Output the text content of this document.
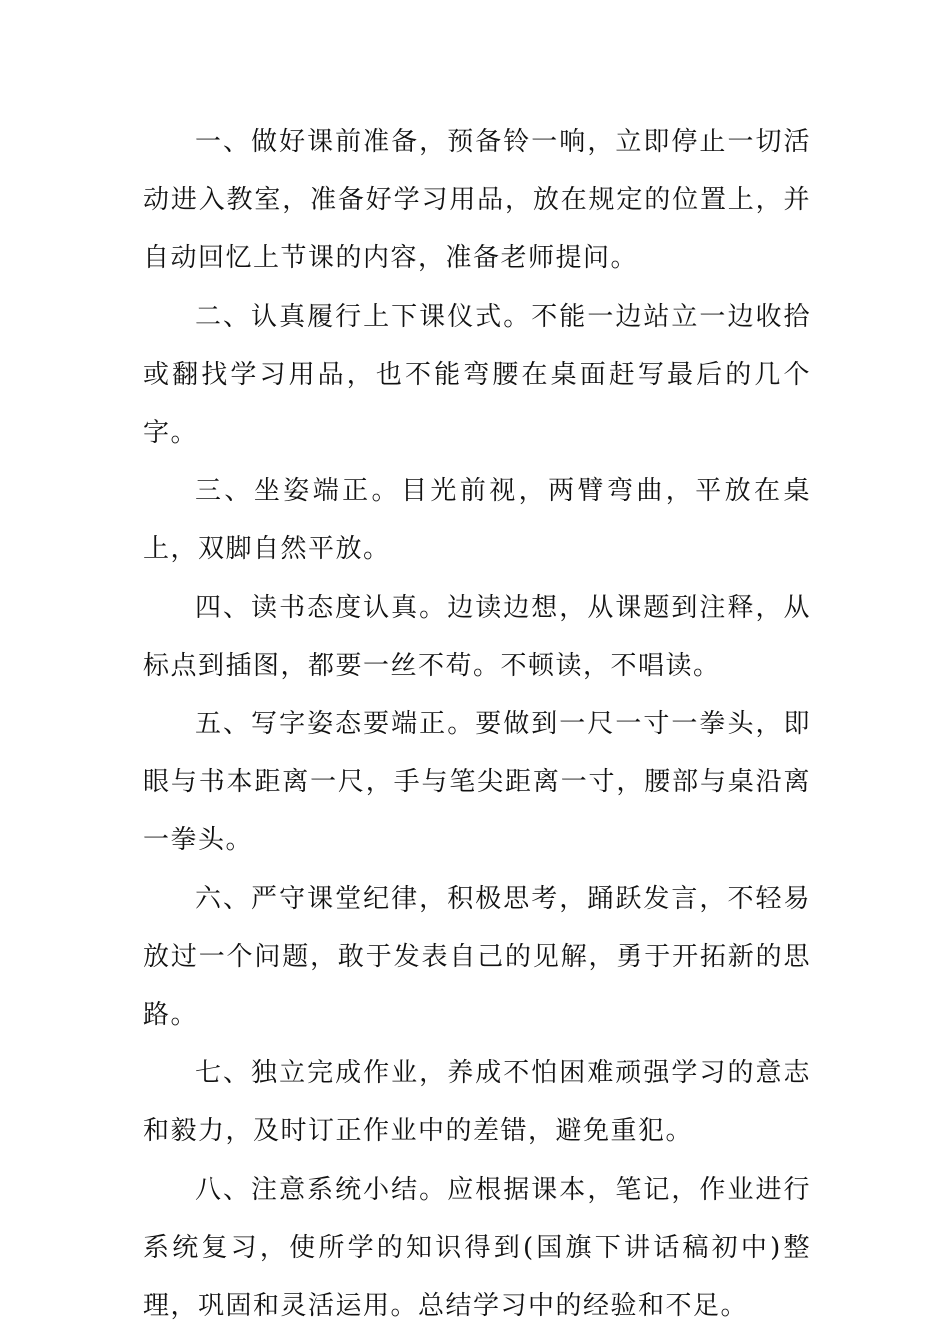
一、做好课前准备，预备铃一响，立即停止一切活动进入教室，准备好学习用品，放在规定的位置上，并自动回忆上节课的内容，准备老师提问。

二、认真履行上下课仪式。不能一边站立一边收拾或翻找学习用品，也不能弯腰在桌面赶写最后的几个字。

三、坐姿端正。目光前视，两臂弯曲，平放在桌上，双脚自然平放。

四、读书态度认真。边读边想，从课题到注释，从标点到插图，都要一丝不苟。不顿读，不唱读。

五、写字姿态要端正。要做到一尺一寸一拳头，即眼与书本距离一尺，手与笔尖距离一寸，腰部与桌沿离一拳头。

六、严守课堂纪律，积极思考，踊跃发言，不轻易放过一个问题，敢于发表自己的见解，勇于开拓新的思路。

七、独立完成作业，养成不怕困难顽强学习的意志和毅力，及时订正作业中的差错，避免重犯。

八、注意系统小结。应根据课本，笔记，作业进行系统复习，使所学的知识得到(国旗下讲话稿初中)整理，巩固和灵活运用。总结学习中的经验和不足。
